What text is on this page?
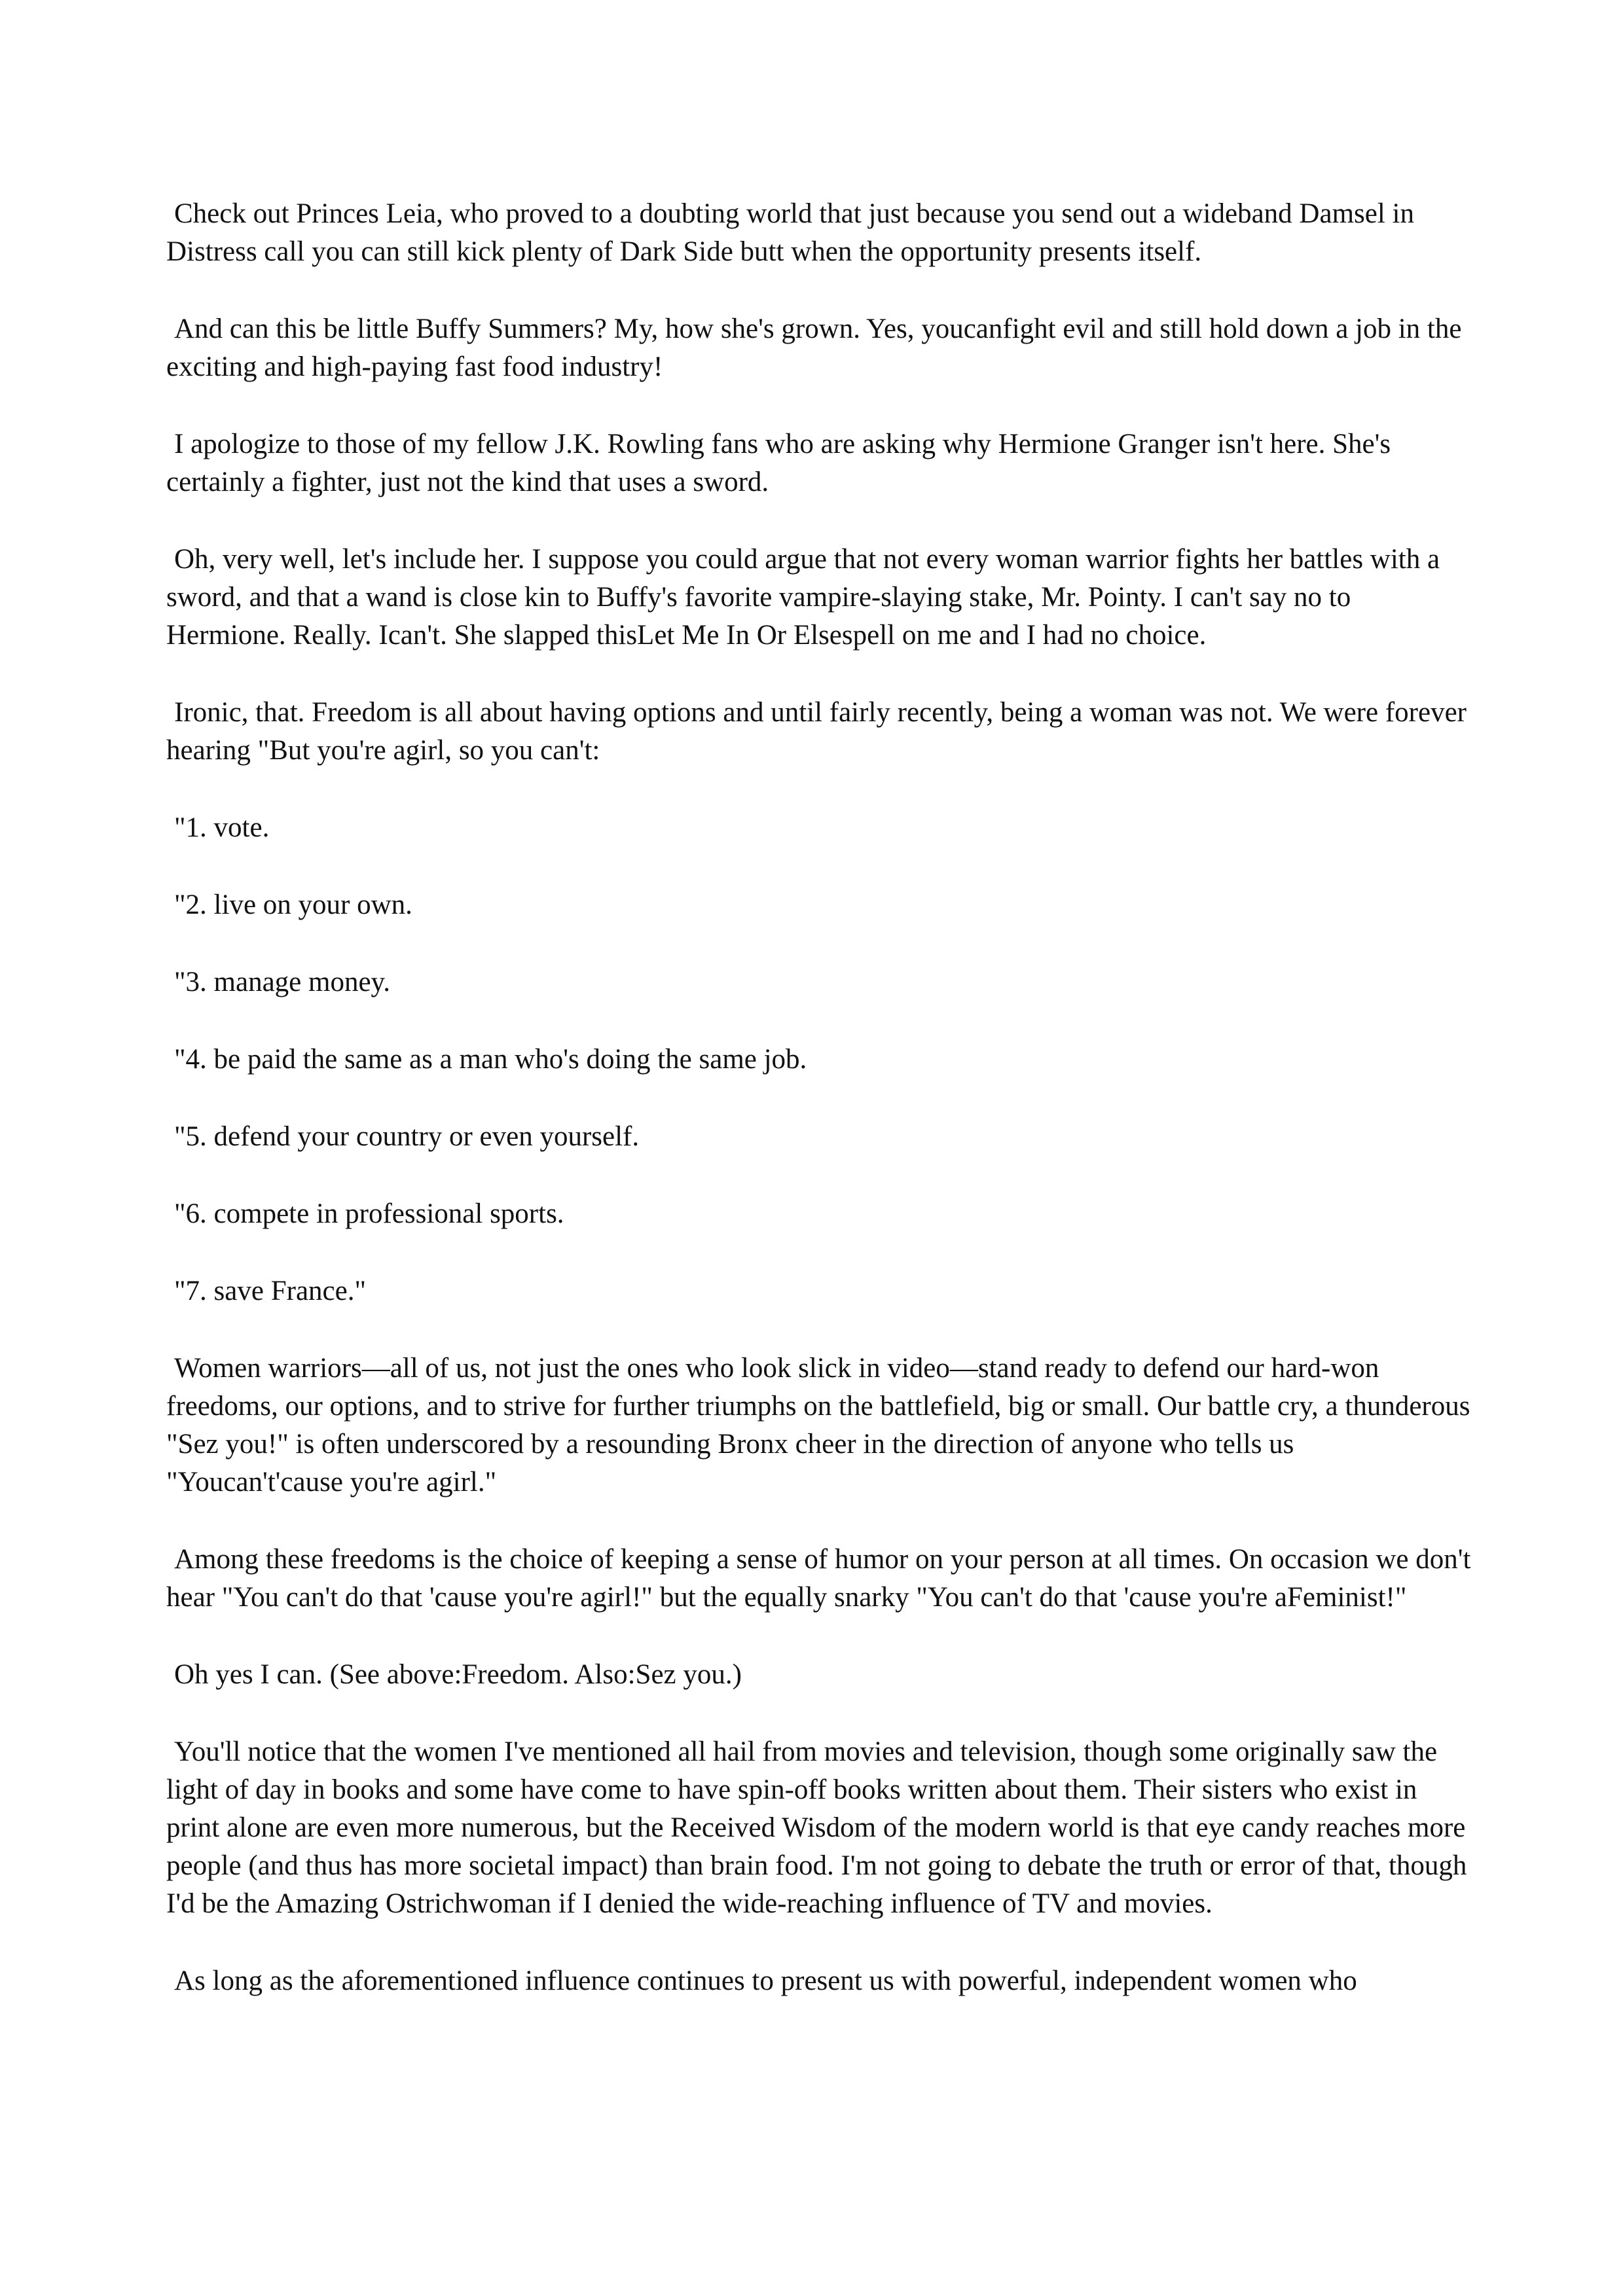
Check out Princes Leia, who proved to a doubting world that just because you send out a wideband Damsel in Distress call you can still kick plenty of Dark Side butt when the opportunity presents itself.

And can this be little Buffy Summers? My, how she's grown. Yes, youcanfight evil and still hold down a job in the exciting and high-paying fast food industry!

I apologize to those of my fellow J.K. Rowling fans who are asking why Hermione Granger isn't here. She's certainly a fighter, just not the kind that uses a sword.

Oh, very well, let's include her. I suppose you could argue that not every woman warrior fights her battles with a sword, and that a wand is close kin to Buffy's favorite vampire-slaying stake, Mr. Pointy. I can't say no to Hermione. Really. Ican't. She slapped thisLet Me In Or Elsespell on me and I had no choice.

Ironic, that. Freedom is all about having options and until fairly recently, being a woman was not. We were forever hearing "But you're agirl, so you can't:

"1. vote.

"2. live on your own.

"3. manage money.

"4. be paid the same as a man who's doing the same job.

"5. defend your country or even yourself.

"6. compete in professional sports.

"7. save France."

Women warriors—all of us, not just the ones who look slick in video—stand ready to defend our hard-won freedoms, our options, and to strive for further triumphs on the battlefield, big or small. Our battle cry, a thunderous "Sez you!" is often underscored by a resounding Bronx cheer in the direction of anyone who tells us "Youcan't'cause you're agirl."

Among these freedoms is the choice of keeping a sense of humor on your person at all times. On occasion we don't hear "You can't do that 'cause you're agirl!" but the equally snarky "You can't do that 'cause you're aFeminist!"

Oh yes I can. (See above:Freedom. Also:Sez you.)

You'll notice that the women I've mentioned all hail from movies and television, though some originally saw the light of day in books and some have come to have spin-off books written about them. Their sisters who exist in print alone are even more numerous, but the Received Wisdom of the modern world is that eye candy reaches more people (and thus has more societal impact) than brain food. I'm not going to debate the truth or error of that, though I'd be the Amazing Ostrichwoman if I denied the wide-reaching influence of TV and movies.

As long as the aforementioned influence continues to present us with powerful, independent women who
